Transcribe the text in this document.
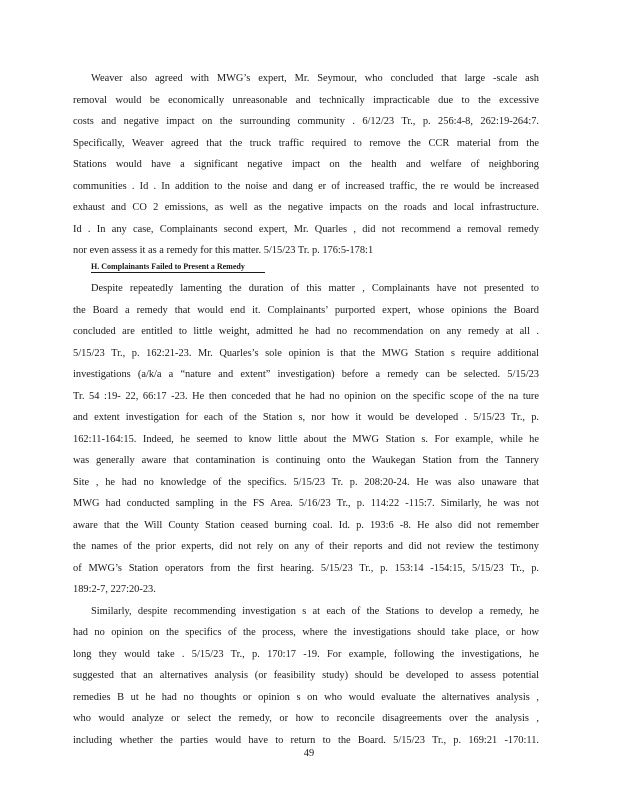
Weaver also agreed with MWG’s expert, Mr. Seymour, who concluded that large -scale ash
removal would be economically unreasonable and technically impracticable due to the excessive
costs and negative impact on the surrounding community . 6/12/23 Tr., p. 256:4-8, 262:19-264:7.
Specifically, Weaver agreed that the truck traffic required to remove the CCR material from the
Stations would have a significant negative impact on the health and welfare of neighboring
communities . Id . In addition to the noise and dang er of increased traffic, the re would be increased
exhaust and CO 2 emissions, as well as the negative impacts on the roads and local infrastructure.
Id . In any case, Complainants second expert, Mr. Quarles , did not recommend a removal remedy
nor even assess it as a remedy for this matter. 5/15/23 Tr. p. 176:5-178:1
H. Complainants Failed to Present a Remedy
Despite repeatedly lamenting the duration of this matter , Complainants have not presented to
the Board a remedy that would end it. Complainants’ purported expert, whose opinions the Board
concluded are entitled to little weight, admitted he had no recommendation on any remedy at all .
5/15/23 Tr., p. 162:21-23. Mr. Quarles’s sole opinion is that the MWG Station s require additional
investigations (a/k/a a “nature and extent” investigation) before a remedy can be selected. 5/15/23
Tr. 54 :19- 22, 66:17 -23. He then conceded that he had no opinion on the specific scope of the na ture
and extent investigation for each of the Station s, nor how it would be developed . 5/15/23 Tr., p.
162:11-164:15. Indeed, he seemed to know little about the MWG Station s. For example, while he
was generally aware that contamination is continuing onto the Waukegan Station from the Tannery
Site , he had no knowledge of the specifics. 5/15/23 Tr. p. 208:20-24. He was also unaware that
MWG had conducted sampling in the FS Area. 5/16/23 Tr., p. 114:22 -115:7. Similarly, he was not
aware that the Will County Station ceased burning coal. Id. p. 193:6 -8. He also did not remember
the names of the prior experts, did not rely on any of their reports and did not review the testimony
of MWG’s Station operators from the first hearing. 5/15/23 Tr., p. 153:14 -154:15, 5/15/23 Tr., p.
189:2-7, 227:20-23.
Similarly, despite recommending investigation s at each of the Stations to develop a remedy, he
had no opinion on the specifics of the process, where the investigations should take place, or how
long they would take . 5/15/23 Tr., p. 170:17 -19. For example, following the investigations, he
suggested that an alternatives analysis (or feasibility study) should be developed to assess potential
remedies B ut he had no thoughts or opinion s on who would evaluate the alternatives analysis ,
who would analyze or select the remedy, or how to reconcile disagreements over the analysis ,
including whether the parties would have to return to the Board. 5/15/23 Tr., p. 169:21 -170:11.
49
